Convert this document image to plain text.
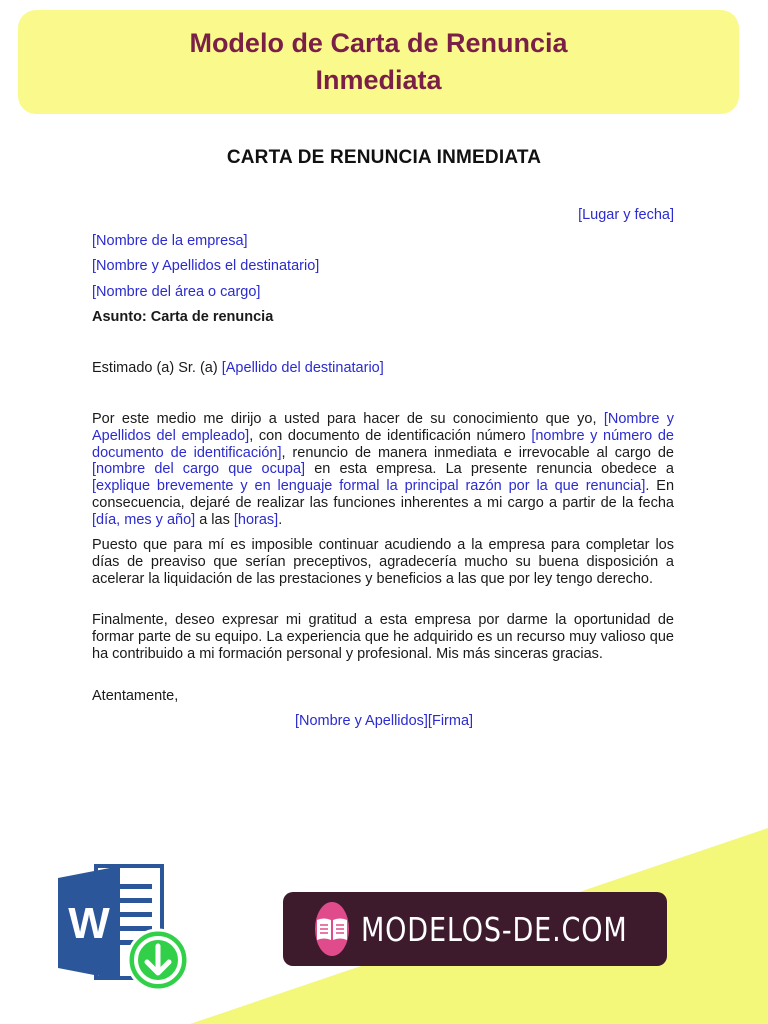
Modelo de Carta de Renuncia
Inmediata
CARTA DE RENUNCIA INMEDIATA
[Lugar y fecha]
[Nombre de la empresa]
[Nombre y Apellidos el destinatario]
[Nombre del área o cargo]
Asunto: Carta de renuncia
Estimado (a) Sr. (a) [Apellido del destinatario]

Por este medio me dirijo a usted para hacer de su conocimiento que yo, [Nombre y Apellidos del empleado], con documento de identificación número [nombre y número de documento de identificación], renuncio de manera inmediata e irrevocable al cargo de [nombre del cargo que ocupa] en esta empresa. La presente renuncia obedece a [explique brevemente y en lenguaje formal la principal razón por la que renuncia]. En consecuencia, dejaré de realizar las funciones inherentes a mi cargo a partir de la fecha [día, mes y año] a las [horas].

Puesto que para mí es imposible continuar acudiendo a la empresa para completar los días de preaviso que serían preceptivos, agradecería mucho su buena disposición a acelerar la liquidación de las prestaciones y beneficios a las que por ley tengo derecho.

Finalmente, deseo expresar mi gratitud a esta empresa por darme la oportunidad de formar parte de su equipo. La experiencia que he adquirido es un recurso muy valioso que ha contribuido a mi formación personal y profesional. Mis más sinceras gracias.

Atentamente,
[Nombre y Apellidos][Firma]
W	MODELOS-DE.COM
